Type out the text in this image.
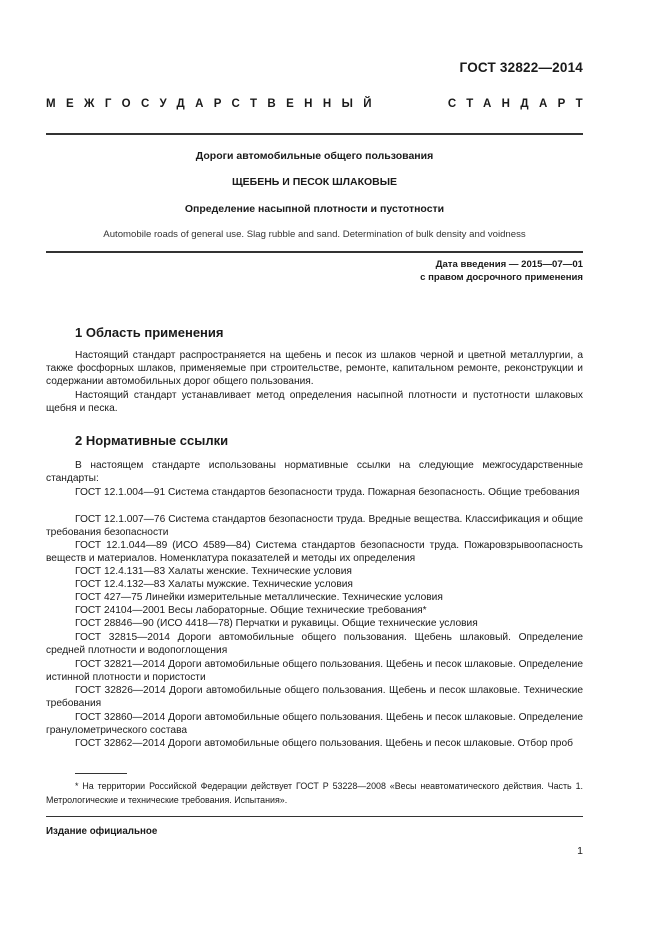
ГОСТ 32822—2014
МЕЖГОСУДАРСТВЕННЫЙ	СТАНДАРТ
Дороги автомобильные общего пользования
ЩЕБЕНЬ И ПЕСОК ШЛАКОВЫЕ
Определение насыпной плотности и пустотности
Automobile roads of general use. Slag rubble and sand. Determination of bulk density and voidness
Дата введения — 2015—07—01
с правом досрочного применения
1 Область применения
Настоящий стандарт распространяется на щебень и песок из шлаков черной и цветной металлургии, а также фосфорных шлаков, применяемые при строительстве, ремонте, капитальном ремонте, реконструкции и содержании автомобильных дорог общего пользования.
Настоящий стандарт устанавливает метод определения насыпной плотности и пустотности шлаковых щебня и песка.
2 Нормативные ссылки
В настоящем стандарте использованы нормативные ссылки на следующие межгосударственные стандарты:
ГОСТ 12.1.004—91 Система стандартов безопасности труда. Пожарная безопасность. Общие требования
ГОСТ 12.1.007—76 Система стандартов безопасности труда. Вредные вещества. Классификация и общие требования безопасности
ГОСТ 12.1.044—89 (ИСО 4589—84) Система стандартов безопасности труда. Пожаровзрывоопасность веществ и материалов. Номенклатура показателей и методы их определения
ГОСТ 12.4.131—83 Халаты женские. Технические условия
ГОСТ 12.4.132—83 Халаты мужские. Технические условия
ГОСТ 427—75 Линейки измерительные металлические. Технические условия
ГОСТ 24104—2001 Весы лабораторные. Общие технические требования*
ГОСТ 28846—90 (ИСО 4418—78) Перчатки и рукавицы. Общие технические условия
ГОСТ 32815—2014 Дороги автомобильные общего пользования. Щебень шлаковый. Определение средней плотности и водопоглощения
ГОСТ 32821—2014 Дороги автомобильные общего пользования. Щебень и песок шлаковые. Определение истинной плотности и пористости
ГОСТ 32826—2014 Дороги автомобильные общего пользования. Щебень и песок шлаковые. Технические требования
ГОСТ 32860—2014 Дороги автомобильные общего пользования. Щебень и песок шлаковые. Определение гранулометрического состава
ГОСТ 32862—2014 Дороги автомобильные общего пользования. Щебень и песок шлаковые. Отбор проб
* На территории Российской Федерации действует ГОСТ Р 53228—2008 «Весы неавтоматического действия. Часть 1. Метрологические и технические требования. Испытания».
Издание официальное
1
